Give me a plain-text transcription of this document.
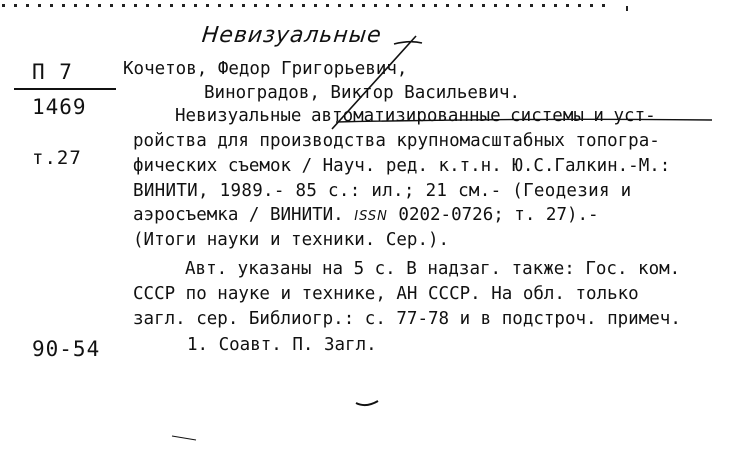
Невизуальные
П 7
1469
т.27
90-54
Кочетов, Федор Григорьевич,
Виноградов, Виктор Васильевич.
Невизуальные автоматизированные системы и уст-
ройства для производства крупномасштабных топогра-
фических съемок / Науч. ред. к.т.н. Ю.С.Галкин.-М.:
ВИНИТИ, 1989.- 85 с.: ил.; 21 см.- (Геодезия и
аэросъемка / ВИНИТИ. ISSN 0202-0726; т. 27).-
(Итоги науки и техники. Сер.).
Авт. указаны на 5 с. В надзаг. также: Гос. ком.
СССР по науке и технике, АН СССР. На обл. только
загл. сер. Библиогр.: с. 77-78 и в подстроч. примеч.
1. Соавт. П. Загл.
